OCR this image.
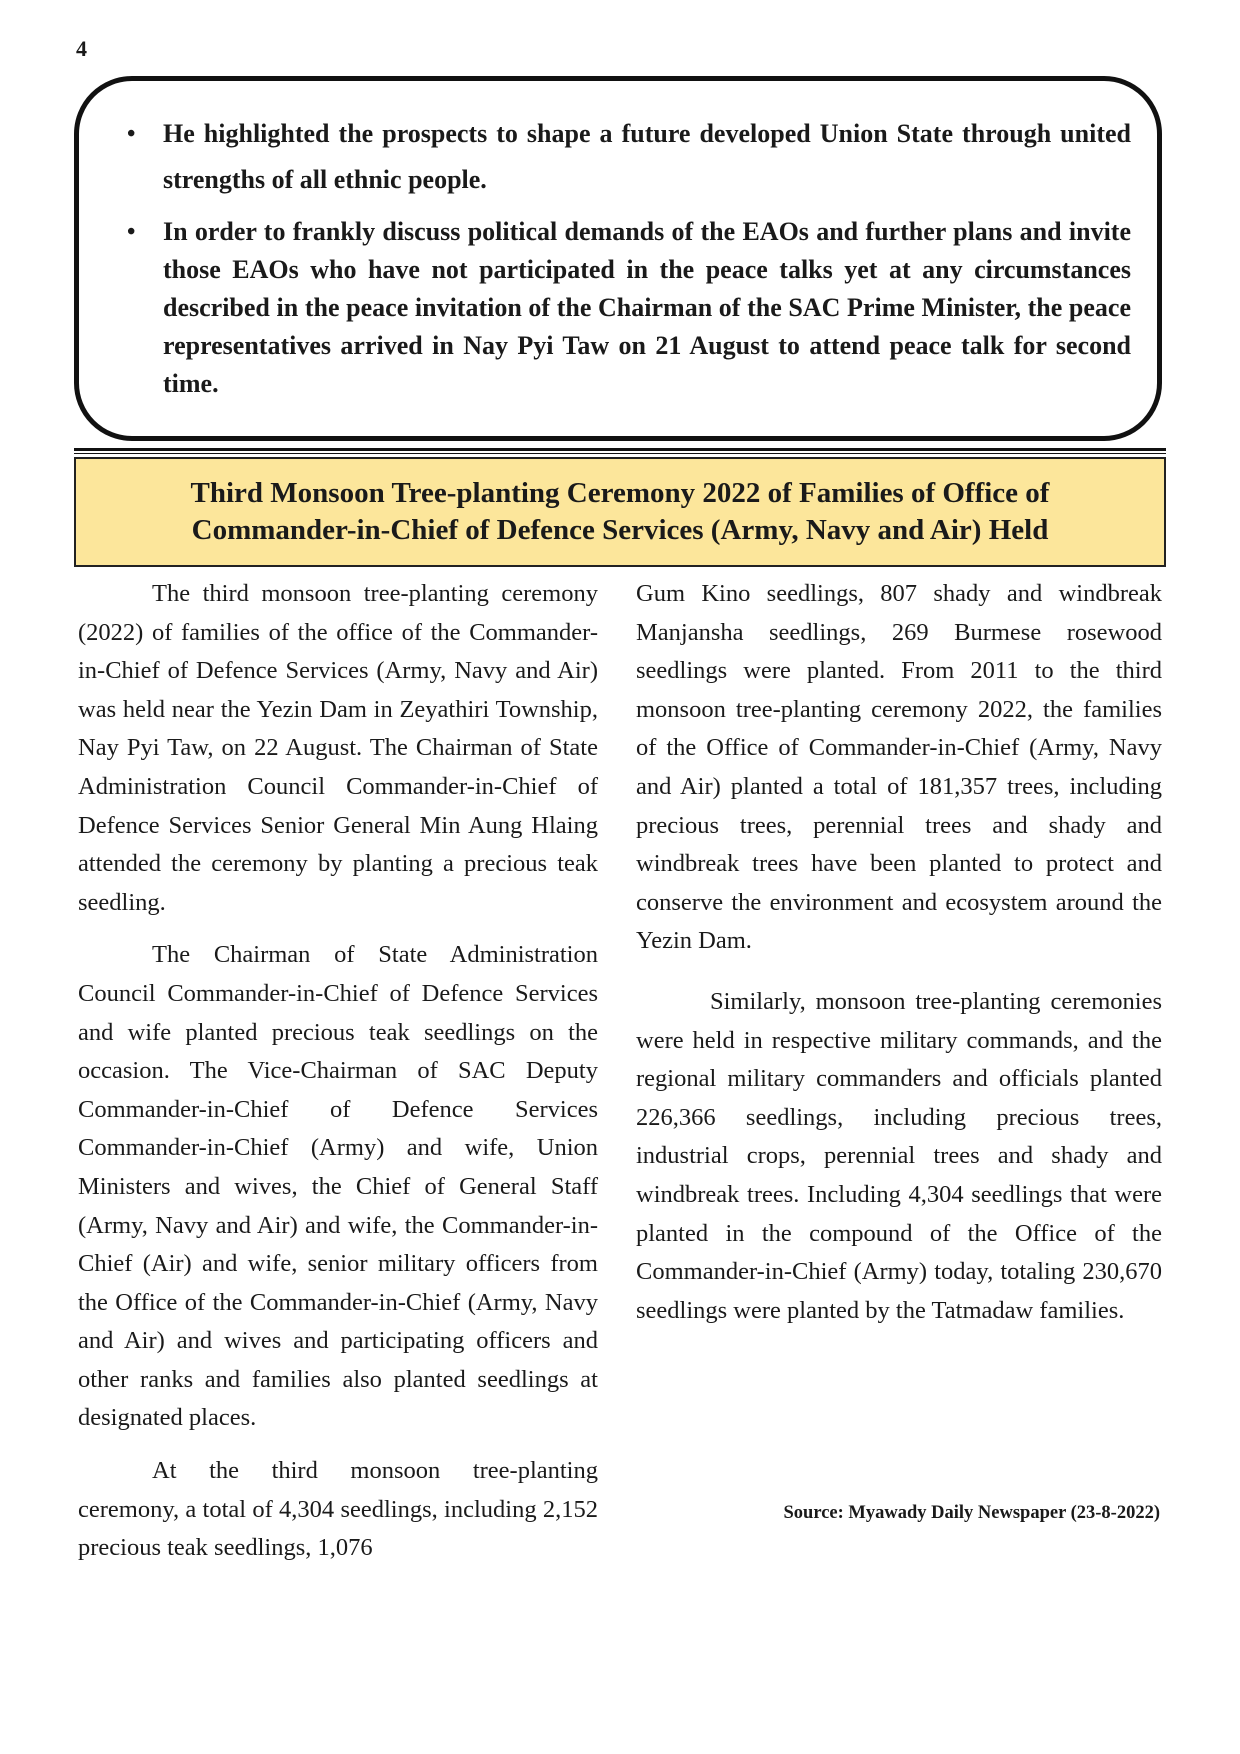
4
• He highlighted the prospects to shape a future developed Union State through united strengths of all ethnic people.
• In order to frankly discuss political demands of the EAOs and further plans and invite those EAOs who have not participated in the peace talks yet at any circumstances described in the peace invitation of the Chairman of the SAC Prime Minister, the peace representatives arrived in Nay Pyi Taw on 21 August to attend peace talk for second time.
Third Monsoon Tree-planting Ceremony 2022 of Families of Office of
Commander-in-Chief of Defence Services (Army, Navy and Air) Held

The third monsoon tree-planting ceremony (2022) of families of the office of the Commander-in-Chief of Defence Services (Army, Navy and Air) was held near the Yezin Dam in Zeyathiri Township, Nay Pyi Taw, on 22 August. The Chairman of State Administration Council Commander-in-Chief of Defence Services Senior General Min Aung Hlaing attended the ceremony by planting a precious teak seedling.

The Chairman of State Administration Council Commander-in-Chief of Defence Services and wife planted precious teak seedlings on the occasion. The Vice-Chairman of SAC Deputy Commander-in-Chief of Defence Services Commander-in-Chief (Army) and wife, Union Ministers and wives, the Chief of General Staff (Army, Navy and Air) and wife, the Commander-in-Chief (Air) and wife, senior military officers from the Office of the Commander-in-Chief (Army, Navy and Air) and wives and participating officers and other ranks and families also planted seedlings at designated places.

At the third monsoon tree-planting ceremony, a total of 4,304 seedlings, including 2,152 precious teak seedlings, 1,076

Gum Kino seedlings, 807 shady and windbreak Manjansha seedlings, 269 Burmese rosewood seedlings were planted. From 2011 to the third monsoon tree-planting ceremony 2022, the families of the Office of Commander-in-Chief (Army, Navy and Air) planted a total of 181,357 trees, including precious trees, perennial trees and shady and windbreak trees have been planted to protect and conserve the environment and ecosystem around the Yezin Dam.

Similarly, monsoon tree-planting ceremonies were held in respective military commands, and the regional military commanders and officials planted 226,366 seedlings, including precious trees, industrial crops, perennial trees and shady and windbreak trees. Including 4,304 seedlings that were planted in the compound of the Office of the Commander-in-Chief (Army) today, totaling 230,670 seedlings were planted by the Tatmadaw families.

Source: Myawady Daily Newspaper (23-8-2022)
